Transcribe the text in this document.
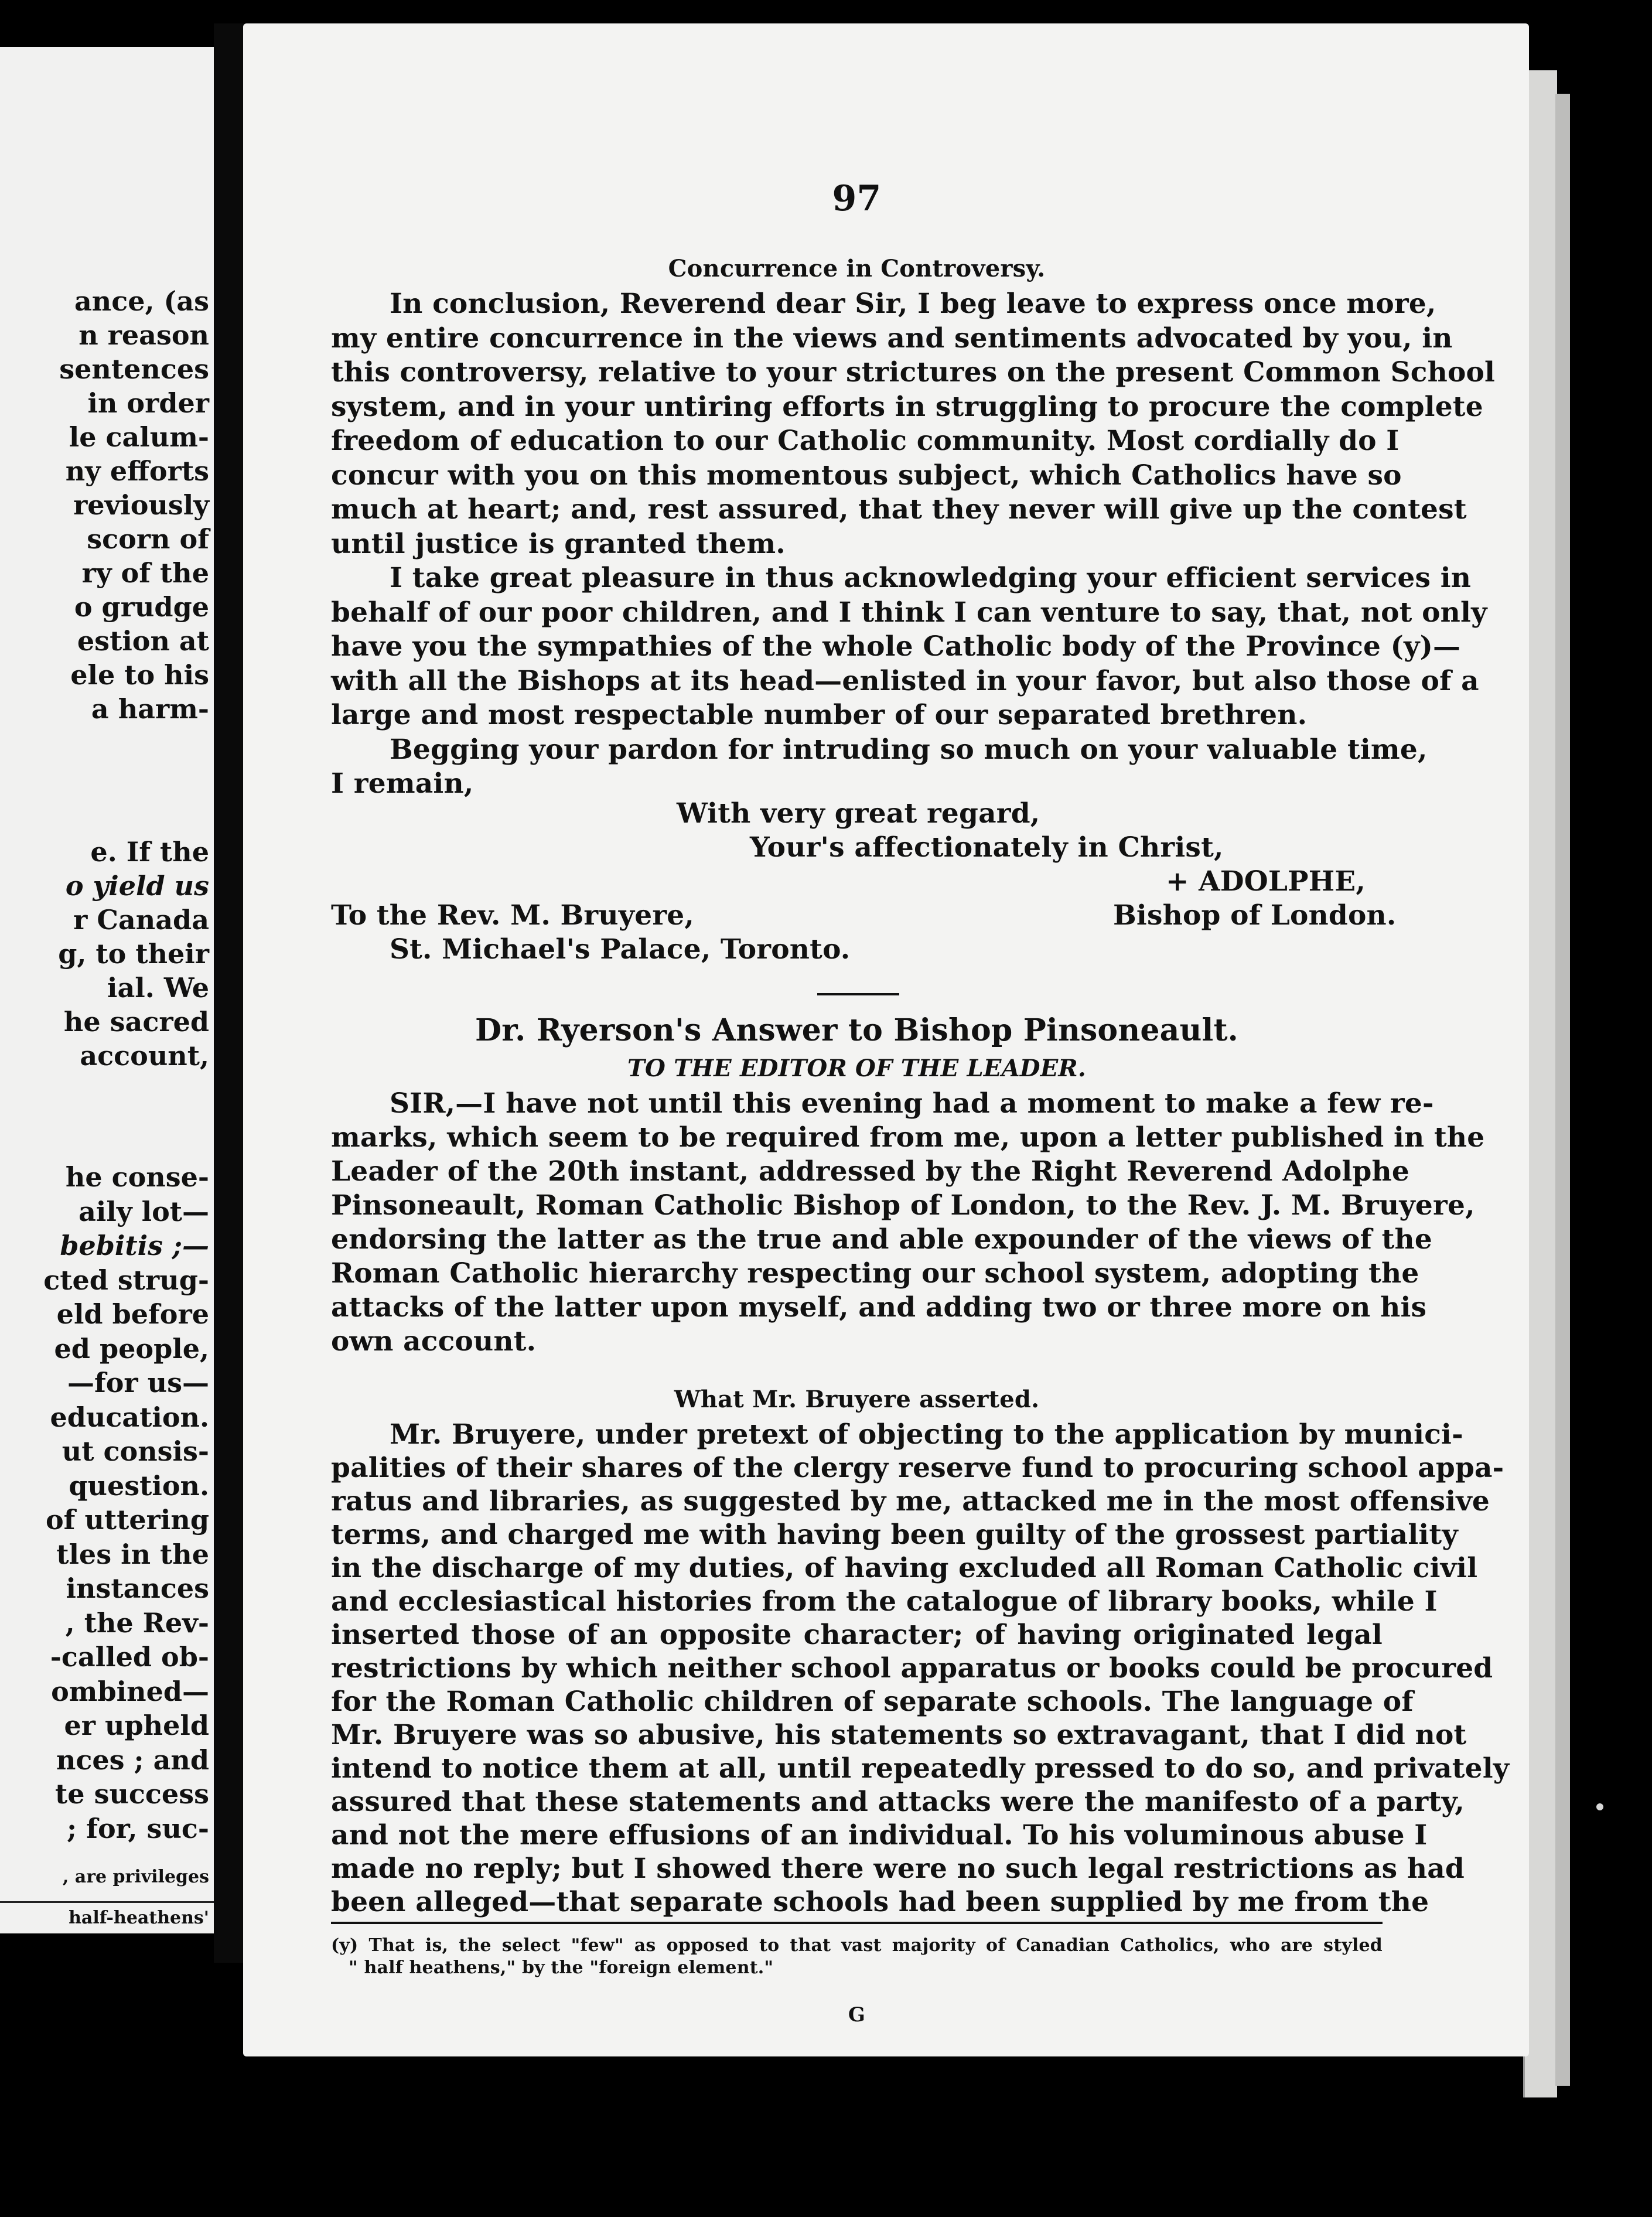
ance, (as
n reason
sentences
in order
le calum-
ny efforts
reviously
scorn of
ry of the
o grudge
estion at
ele to his
a harm-
e. If the
o yield us
r Canada
g, to their
ial. We
he sacred
account,
he conse-
aily lot—
bebitis ;—
cted strug-
eld before
ed people,
—for us—
education.
ut consis-
question.
of uttering
tles in the
instances
, the Rev-
-called ob-
ombined—
er upheld
nces ; and
te success
; for, suc-
, are privileges
half-heathens'
97
Conc⁠urrence in Controversy.
In conclusion, Reverend dear Sir, I beg leave to express once more,
my entire concurrence in the views and sentiments advocated by you, in
this controversy, relative to your strictures on the present Common School
system, and in your untiring efforts in struggling to procure the complete
freedom of education to our Catholic community. Most cordially do I
concur with you on this momentous subject, which Catholics have so
much at heart; and, rest assured, that they never will give up the contest
until justice is granted them.
I take great pleasure in thus acknowledging your efficient services in
behalf of our poor children, and I think I can venture to say, that, not only
have you the sympathies of the whole Catholic body of the Province (y)—
with all the Bishops at its head—enlisted in your favor, but also those of a
large and most respectable number of our separated brethren.
Begging your pardon for intruding so much on your valuable time,
I remain,
With very great regard,
Your's affectionately in Christ,
+ ADOLPHE,
To the Rev. M. Bruyere,	Bishop of London.
St. Michael's Palace, Toronto.
Dr. Ryerson's Answer to Bishop Pinsoneault.
TO THE EDITOR OF THE LEADER.
SIR,—I have not until this evening had a moment to make a few re-
marks, which seem to be required from me, upon a letter published in the
Leader of the 20th instant, addressed by the Right Reverend Adolphe
Pinsoneault, Roman Catholic Bishop of London, to the Rev. J. M. Bruyere,
endorsing the latter as the true and able expounder of the views of the
Roman Catholic hierarchy respecting our school system, adopting the
attacks of the latter upon myself, and adding two or three more on his
own account.
What Mr. Bruyere asserted.
Mr. Bruyere, under pretext of objecting to the application by munici-
palities of their shares of the clergy reserve fund to procuring school appa-
ratus and libraries, as suggested by me, attacked me in the most offensive
terms, and charged me with having been guilty of the grossest partiality
in the discharge of my duties, of having excluded all Roman Catholic civil
and ecclesiastical histories from the catalogue of library books, while I
inserted those of an opposite character; of having originated legal
restrictions by which neither school apparatus or books could be procured
for the Roman Catholic children of separate schools. The language of
Mr. Bruyere was so abusive, his statements so extravagant, that I did not
intend to notice them at all, until repeatedly pressed to do so, and privately
assured that these statements and attacks were the manifesto of a party,
and not the mere effusions of an individual. To his voluminous abuse I
made no reply; but I showed there were no such legal restrictions as had
been alleged—that separate schools had been supplied by me from the
(y) That is, the select "few" as opposed to that vast majority of Canadian Catholics, who are styled
" half heathens," by the "foreign element."
G
